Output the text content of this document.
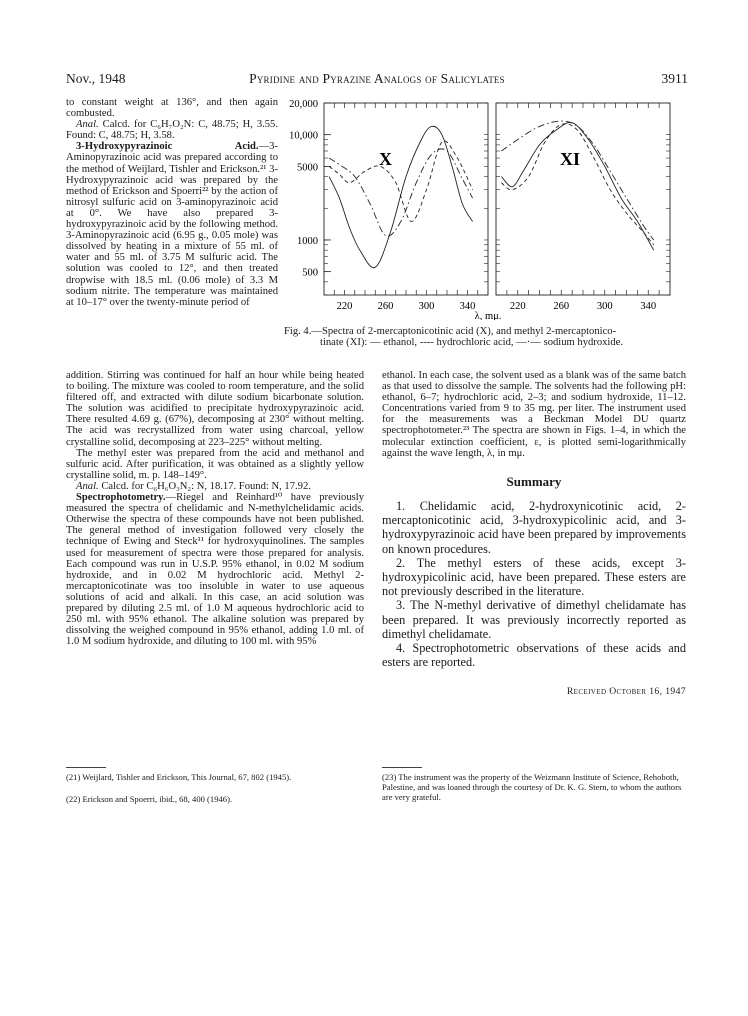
Nov., 1948	Pyridine and Pyrazine Analogs of Salicylates	3911

to constant weight at 136°, and then again combusted.

Anal. Calcd. for C₆H₇O₂N: C, 48.75; H, 3.55. Found: C, 48.75; H, 3.58.

3-Hydroxypyrazinoic Acid.—3-Aminopyrazinoic acid was prepared according to the method of Weijlard, Tishler and Erickson.²¹ 3-Hydroxypyrazinoic acid was prepared by the method of Erickson and Spoerri²² by the action of nitrosyl sulfuric acid on 3-aminopyrazinoic acid at 0°. We have also prepared 3-hydroxypyrazinoic acid by the following method. 3-Aminopyrazinoic acid (6.95 g., 0.05 mole) was dissolved by heating in a mixture of 55 ml. of water and 55 ml. of 3.75 M sulfuric acid. The solution was cooled to 12°, and then treated dropwise with 18.5 ml. (0.06 mole) of 3.3 M sodium nitrite. The temperature was maintained at 10–17° over the twenty-minute period of

20,000
10,000
5000
1000
500
220 260 300 340	220	260	300	340
X	XI
λ, mμ.
Fig. 4.—Spectra of 2-mercaptonicotinic acid (X), and methyl 2-mercaptonico-
tinate (XI): — ethanol, ---- hydrochloric acid, —·— sodium hydroxide.

addition. Stirring was continued for half an hour while being heated to boiling. The mixture was cooled to room temperature, and the solid filtered off, and extracted with dilute sodium bicarbonate solution. The solution was acidified to precipitate hydroxypyrazinoic acid. There resulted 4.69 g. (67%), decomposing at 230° without melting. The acid was recrystallized from water using charcoal, yellow crystalline solid, decomposing at 223–225° without melting.

The methyl ester was prepared from the acid and methanol and sulfuric acid. After purification, it was obtained as a slightly yellow crystalline solid, m. p. 148–149°.

Anal. Calcd. for C₆H₆O₃N₂: N, 18.17. Found: N, 17.92.

Spectrophotometry.—Riegel and Reinhard¹⁰ have previously measured the spectra of chelidamic and N-methylchelidamic acids. Otherwise the spectra of these compounds have not been published. The general method of investigation followed very closely the technique of Ewing and Steck¹¹ for hydroxyquinolines. The samples used for measurement of spectra were those prepared for analysis. Each compound was run in U.S.P. 95% ethanol, in 0.02 M sodium hydroxide, and in 0.02 M hydrochloric acid. Methyl 2-mercaptonicotinate was too insoluble in water to use aqueous solutions of acid and alkali. In this case, an acid solution was prepared by diluting 2.5 ml. of 1.0 M aqueous hydrochloric acid to 250 ml. with 95% ethanol. The alkaline solution was prepared by dissolving the weighed compound in 95% ethanol, adding 1.0 ml. of 1.0 M sodium hydroxide, and diluting to 100 ml. with 95%

ethanol. In each case, the solvent used as a blank was of the same batch as that used to dissolve the sample. The solvents had the following pH: ethanol, 6–7; hydrochloric acid, 2–3; and sodium hydroxide, 11–12. Concentrations varied from 9 to 35 mg. per liter. The instrument used for the measurements was a Beckman Model DU quartz spectrophotometer.²³ The spectra are shown in Figs. 1–4, in which the molecular extinction coefficient, ε, is plotted semi-logarithmically against the wave length, λ, in mμ.

Summary

1. Chelidamic acid, 2-hydroxynicotinic acid, 2-mercaptonicotinic acid, 3-hydroxypicolinic acid, and 3-hydroxypyrazinoic acid have been prepared by improvements on known procedures.

2. The methyl esters of these acids, except 3-hydroxypicolinic acid, have been prepared. These esters are not previously described in the literature.

3. The N-methyl derivative of dimethyl chelidamate has been prepared. It was previously incorrectly reported as dimethyl chelidamate.

4. Spectrophotometric observations of these acids and esters are reported.

Received October 16, 1947
(21) Weijlard, Tishler and Erickson, This Journal, 67, 802 (1945).
(22) Erickson and Spoerri, ibid., 68, 400 (1946).
(23) The instrument was the property of the Weizmann Institute of Science, Rehoboth, Palestine, and was loaned through the courtesy of Dr. K. G. Stern, to whom the authors are very grateful.
